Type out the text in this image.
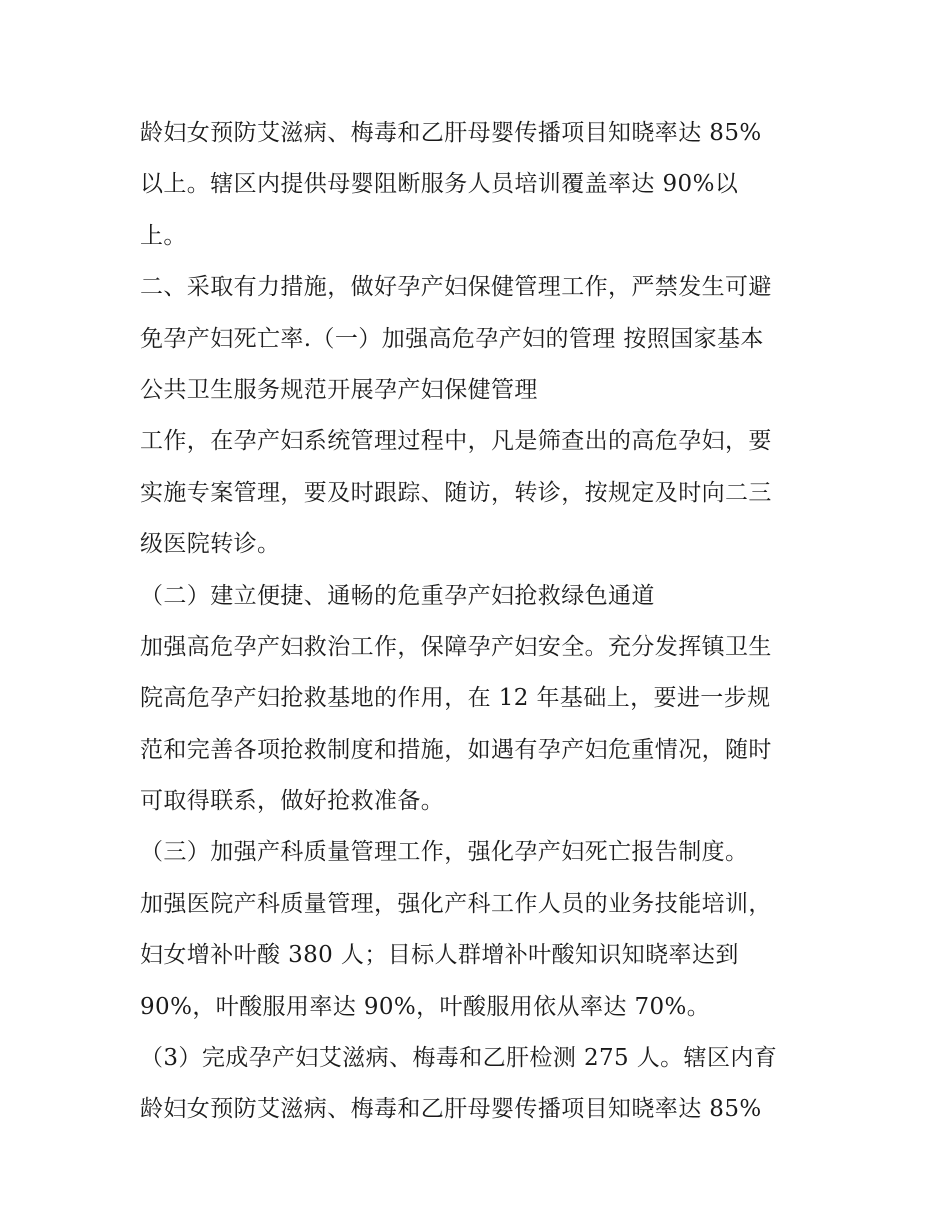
龄妇女预防艾滋病、梅毒和乙肝母婴传播项目知晓率达 85%
以上。辖区内提供母婴阻断服务人员培训覆盖率达 90%以
上。
二、采取有力措施，做好孕产妇保健管理工作，严禁发生可避
免孕产妇死亡率.（一）加强高危孕产妇的管理 按照国家基本
公共卫生服务规范开展孕产妇保健管理
工作，在孕产妇系统管理过程中，凡是筛查出的高危孕妇，要
实施专案管理，要及时跟踪、随访，转诊，按规定及时向二三
级医院转诊。
（二）建立便捷、通畅的危重孕产妇抢救绿色通道
加强高危孕产妇救治工作，保障孕产妇安全。充分发挥镇卫生
院高危孕产妇抢救基地的作用，在 12 年基础上，要进一步规
范和完善各项抢救制度和措施，如遇有孕产妇危重情况，随时
可取得联系，做好抢救准备。
（三）加强产科质量管理工作，强化孕产妇死亡报告制度。
加强医院产科质量管理，强化产科工作人员的业务技能培训，
妇女增补叶酸 380 人；目标人群增补叶酸知识知晓率达到
90%，叶酸服用率达 90%，叶酸服用依从率达 70%。
（3）完成孕产妇艾滋病、梅毒和乙肝检测 275 人。辖区内育
龄妇女预防艾滋病、梅毒和乙肝母婴传播项目知晓率达 85%
